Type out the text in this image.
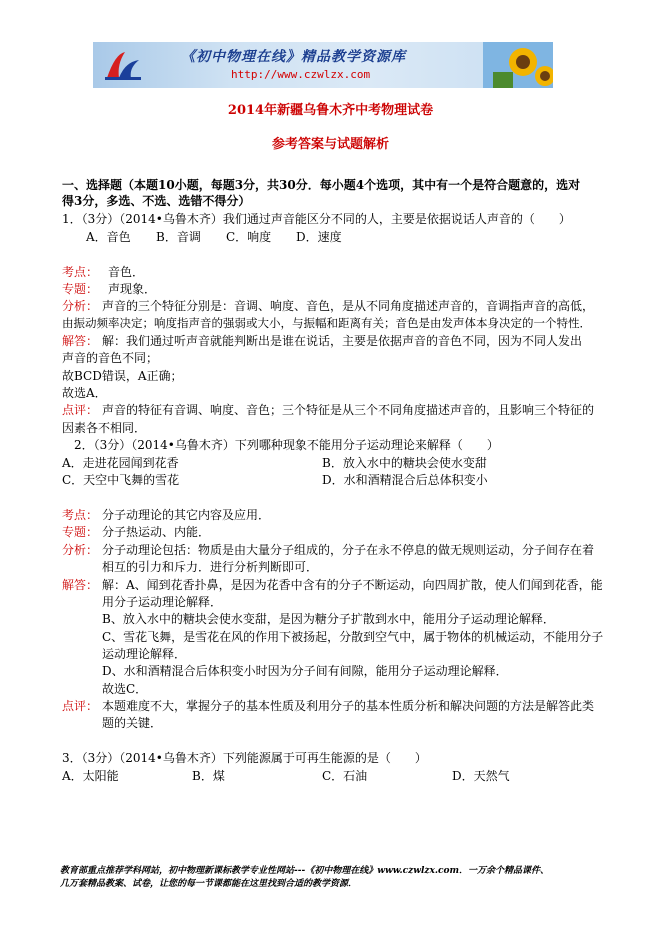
《初中物理在线》精品教学资源库
http://www.czwlzx.com
2014年新疆乌鲁木齐中考物理试卷
参考答案与试题解析
一、选择题（本题10小题，每题3分，共30分．每小题4个选项，其中有一个是符合题意的，选对
得3分，多选、不选、选错不得分）
1．（3分）（2014•乌鲁木齐）我们通过声音能区分不同的人，主要是依据说话人声音的（　　）
A．音色 B．音调 C．响度 D．速度
考点： 音色．
专题： 声现象．
分析： 声音的三个特征分别是：音调、响度、音色，是从不同角度描述声音的，音调指声音的高低，
由振动频率决定；响度指声音的强弱或大小，与振幅和距离有关；音色是由发声体本身决定的一个特性．
解答： 解：我们通过听声音就能判断出是谁在说话，主要是依据声音的音色不同，因为不同人发出
声音的音色不同；
故BCD错误，A正确；
故选A．
点评： 声音的特征有音调、响度、音色；三个特征是从三个不同角度描述声音的，且影响三个特征的
因素各不相同．
2．（3分）（2014•乌鲁木齐）下列哪种现象不能用分子运动理论来解释（　　）
A．走进花园闻到花香	B．放入水中的糖块会使水变甜
C．天空中飞舞的雪花	D．水和酒精混合后总体积变小
考点： 分子动理论的其它内容及应用．
专题： 分子热运动、内能．
分析： 分子动理论包括：物质是由大量分子组成的，分子在永不停息的做无规则运动，分子间存在着
相互的引力和斥力．进行分析判断即可．
解答： 解：A、闻到花香扑鼻，是因为花香中含有的分子不断运动，向四周扩散，使人们闻到花香，能
用分子运动理论解释．
B、放入水中的糖块会使水变甜，是因为糖分子扩散到水中，能用分子运动理论解释．
C、雪花飞舞，是雪花在风的作用下被扬起，分散到空气中，属于物体的机械运动，不能用分子
运动理论解释．
D、水和酒精混合后体积变小时因为分子间有间隙，能用分子运动理论解释．
故选C．
点评： 本题难度不大，掌握分子的基本性质及利用分子的基本性质分析和解决问题的方法是解答此类
题的关键．
3．（3分）（2014•乌鲁木齐）下列能源属于可再生能源的是（　　）
A．太阳能	B．煤	C．石油	D．天然气
教育部重点推荐学科网站，初中物理新课标教学专业性网站---《初中物理在线》www.czwlzx.com．一万余个精品课件、
几万套精品教案、试卷，让您的每一节课都能在这里找到合适的教学资源．
